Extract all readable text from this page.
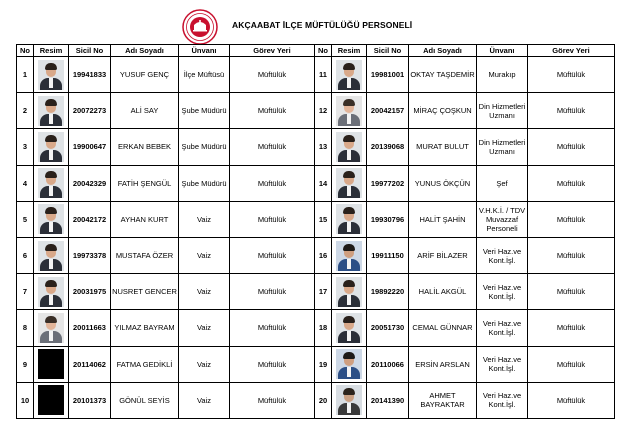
AKÇAABAT İLÇE MÜFTÜLÜĞÜ PERSONELİ
No	Resim	Sicil No	Adı Soyadı	Ünvanı	Görev Yeri	No	Resim	Sicil No	Adı Soyadı	Ünvanı	Görev Yeri
1		19941833	YUSUF GENÇ	İlçe Müftüsü	Müftülük	11		19981001	OKTAY TAŞDEMİR	Murakıp	Müftülük
2		20072273	ALİ SAY	Şube Müdürü	Müftülük	12		20042157	MİRAÇ ÇOŞKUN	Din Hizmetleri Uzmanı	Müftülük
3		19900647	ERKAN BEBEK	Şube Müdürü	Müftülük	13		20139068	MURAT BULUT	Din Hizmetleri Uzmanı	Müftülük
4		20042329	FATİH ŞENGÜL	Şube Müdürü	Müftülük	14		19977202	YUNUS ÖKÇÜN	Şef	Müftülük
5		20042172	AYHAN KURT	Vaiz	Müftülük	15		19930796	HALİT ŞAHİN	V.H.K.İ. / TDV Muvazzaf Personeli	Müftülük
6		19973378	MUSTAFA ÖZER	Vaiz	Müftülük	16		19911150	ARİF BİLAZER	Veri Haz.ve Kont.İşl.	Müftülük
7		20031975	NUSRET GENCER	Vaiz	Müftülük	17		19892220	HALİL AKGÜL	Veri Haz.ve Kont.İşl.	Müftülük
8		20011663	YILMAZ BAYRAM	Vaiz	Müftülük	18		20051730	CEMAL GÜNNAR	Veri Haz.ve Kont.İşl.	Müftülük
9		20114062	FATMA GEDİKLİ	Vaiz	Müftülük	19		20110066	ERSİN ARSLAN	Veri Haz.ve Kont.İşl.	Müftülük
10		20101373	GÖNÜL SEYİS	Vaiz	Müftülük	20		20141390	AHMET BAYRAKTAR	Veri Haz.ve Kont.İşl.	Müftülük
